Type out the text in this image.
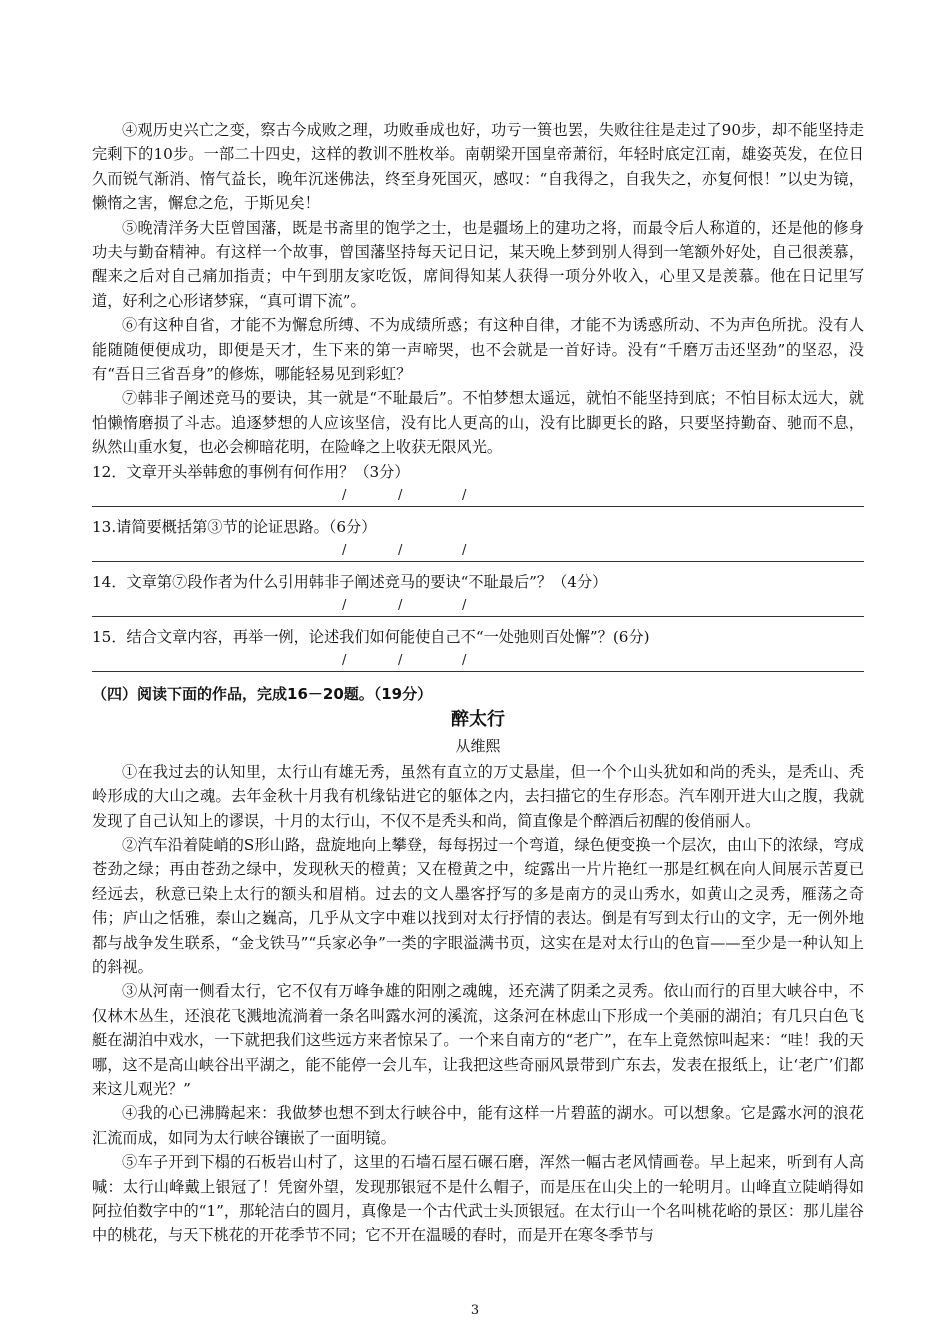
④观历史兴亡之变，察古今成败之理，功败垂成也好，功亏一篑也罢，失败往往是走过了90步，却不能坚持走完剩下的10步。一部二十四史，这样的教训不胜枚举。南朝梁开国皇帝萧衍，年轻时底定江南，雄姿英发，在位日久而锐气渐消、惰气益长，晚年沉迷佛法，终至身死国灭，感叹：“自我得之，自我失之，亦复何恨！”以史为镜，懒惰之害，懈怠之危，于斯见矣！

⑤晚清洋务大臣曾国藩，既是书斋里的饱学之士，也是疆场上的建功之将，而最令后人称道的，还是他的修身功夫与勤奋精神。有这样一个故事，曾国藩坚持每天记日记，某天晚上梦到别人得到一笔额外好处，自己很羡慕，醒来之后对自己痛加指责；中午到朋友家吃饭，席间得知某人获得一项分外收入，心里又是羡慕。他在日记里写道，好利之心形诸梦寐，“真可谓下流”。

⑥有这种自省，才能不为懈怠所缚、不为成绩所惑；有这种自律，才能不为诱惑所动、不为声色所扰。没有人能随随便便成功，即便是天才，生下来的第一声啼哭，也不会就是一首好诗。没有“千磨万击还坚劲”的坚忍，没有“吾日三省吾身”的修炼，哪能轻易见到彩虹？

⑦韩非子阐述竞马的要诀，其一就是“不耻最后”。不怕梦想太遥远，就怕不能坚持到底；不怕目标太远大，就怕懒惰磨损了斗志。追逐梦想的人应该坚信，没有比人更高的山，没有比脚更长的路，只要坚持勤奋、驰而不息，纵然山重水复，也必会柳暗花明，在险峰之上收获无限风光。

12．文章开头举韩愈的事例有何作用？（3分）

/	/	/

13.请简要概括第③节的论证思路。（6分）

/	/	/

14．文章第⑦段作者为什么引用韩非子阐述竞马的要诀“不耻最后”？（4分）

/	/	/

15．结合文章内容，再举一例，论述我们如何能使自己不“一处弛则百处懈”？(6分)

/	/	/

（四）阅读下面的作品，完成16－20题。（19分）

醉太行

从维熙

①在我过去的认知里，太行山有雄无秀，虽然有直立的万丈悬崖，但一个个山头犹如和尚的秃头，是秃山、秃岭形成的大山之魂。去年金秋十月我有机缘钻进它的躯体之内，去扫描它的生存形态。汽车刚开进大山之腹，我就发现了自己认知上的谬误，十月的太行山，不仅不是秃头和尚，简直像是个醉酒后初醒的俊俏丽人。

②汽车沿着陡峭的S形山路，盘旋地向上攀登，每每拐过一个弯道，绿色便变换一个层次，由山下的浓绿，穹成苍劲之绿；再由苍劲之绿中，发现秋天的橙黄；又在橙黄之中，绽露出一片片艳红一那是红枫在向人间展示苦夏已经远去，秋意已染上太行的额头和眉梢。过去的文人墨客抒写的多是南方的灵山秀水，如黄山之灵秀，雁荡之奇伟；庐山之恬雅，泰山之巍高，几乎从文字中难以找到对太行抒情的表达。倒是有写到太行山的文字，无一例外地都与战争发生联系，“金戈铁马”“兵家必争”一类的字眼溢满书页，这实在是对太行山的色盲——至少是一种认知上的斜视。

③从河南一侧看太行，它不仅有万峰争雄的阳刚之魂魄，还充满了阴柔之灵秀。依山而行的百里大峡谷中，不仅林木丛生，还浪花飞溅地流淌着一条名叫露水河的溪流，这条河在林虑山下形成一个美丽的湖泊；有几只白色飞艇在湖泊中戏水，一下就把我们这些远方来者惊呆了。一个来自南方的“老广”，在车上竟然惊叫起来：“哇！我的天哪，这不是高山峡谷出平湖之，能不能停一会儿车，让我把这些奇丽风景带到广东去，发表在报纸上，让‘老广’们都来这儿观光？”

④我的心已沸腾起来：我做梦也想不到太行峡谷中，能有这样一片碧蓝的湖水。可以想象。它是露水河的浪花汇流而成，如同为太行峡谷镶嵌了一面明镜。

⑤车子开到下榻的石板岩山村了，这里的石墙石屋石碾石磨，浑然一幅古老风情画卷。早上起来，听到有人高喊：太行山峰戴上银冠了！凭窗外望，发现那银冠不是什么帽子，而是压在山尖上的一轮明月。山峰直立陡峭得如阿拉伯数字中的“1”，那轮洁白的圆月，真像是一个古代武士头顶银冠。在太行山一个名叫桃花峪的景区：那儿崖谷中的桃花，与天下桃花的开花季节不同；它不开在温暖的春时，而是开在寒冬季节与

3
